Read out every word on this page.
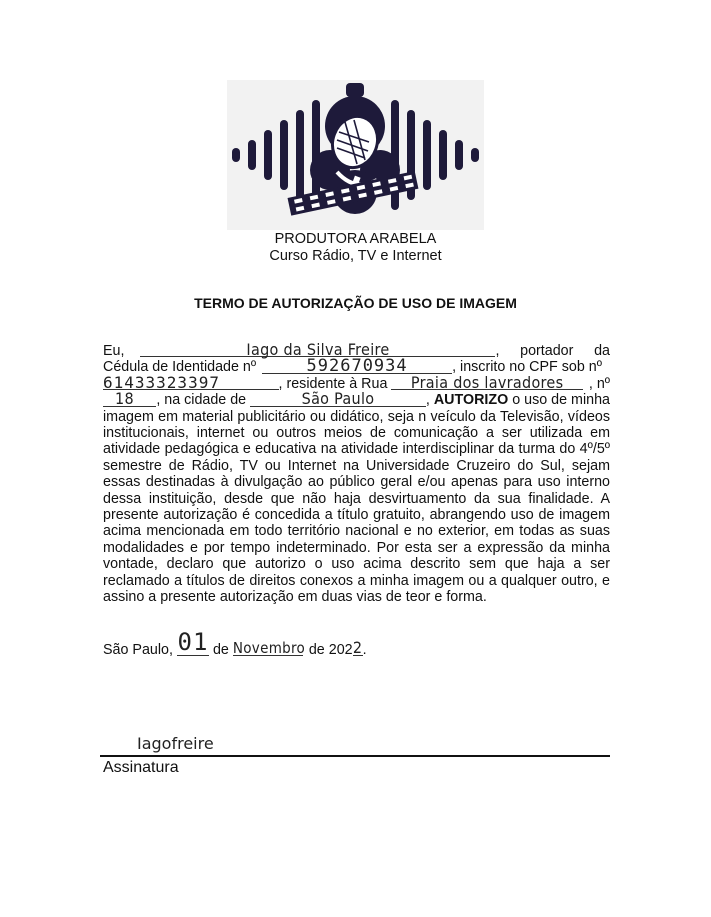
PRODUTORA ARABELA
Curso Rádio, TV e Internet
TERMO DE AUTORIZAÇÃO DE USO DE IMAGEM
Eu,	Iago da Silva Freire	, portador da
Cédula de Identidade nº	592670934	, inscrito no CPF sob nº
61433323397	, residente à Rua	Praia dos lavradores	, nº
18	, na cidade de	São Paulo	, AUTORIZO o uso de minha
imagem em material publicitário ou didático, seja n veículo da Televisão, vídeos institucionais, internet ou outros meios de comunicação a ser utilizada em atividade pedagógica e educativa na atividade interdisciplinar da turma do 4º/5º semestre de Rádio, TV ou Internet na Universidade Cruzeiro do Sul, sejam essas destinadas à divulgação ao público geral e/ou apenas para uso interno dessa instituição, desde que não haja desvirtuamento da sua finalidade. A presente autorização é concedida a título gratuito, abrangendo uso de imagem acima mencionada em todo território nacional e no exterior, em todas as suas modalidades e por tempo indeterminado. Por esta ser a expressão da minha vontade, declaro que autorizo o uso acima descrito sem que haja a ser reclamado a títulos de direitos conexos a minha imagem ou a qualquer outro, e assino a presente autorização em duas vias de teor e forma.
São Paulo, 01 de Novembro de 202 2 .
Iagofreire
Assinatura
